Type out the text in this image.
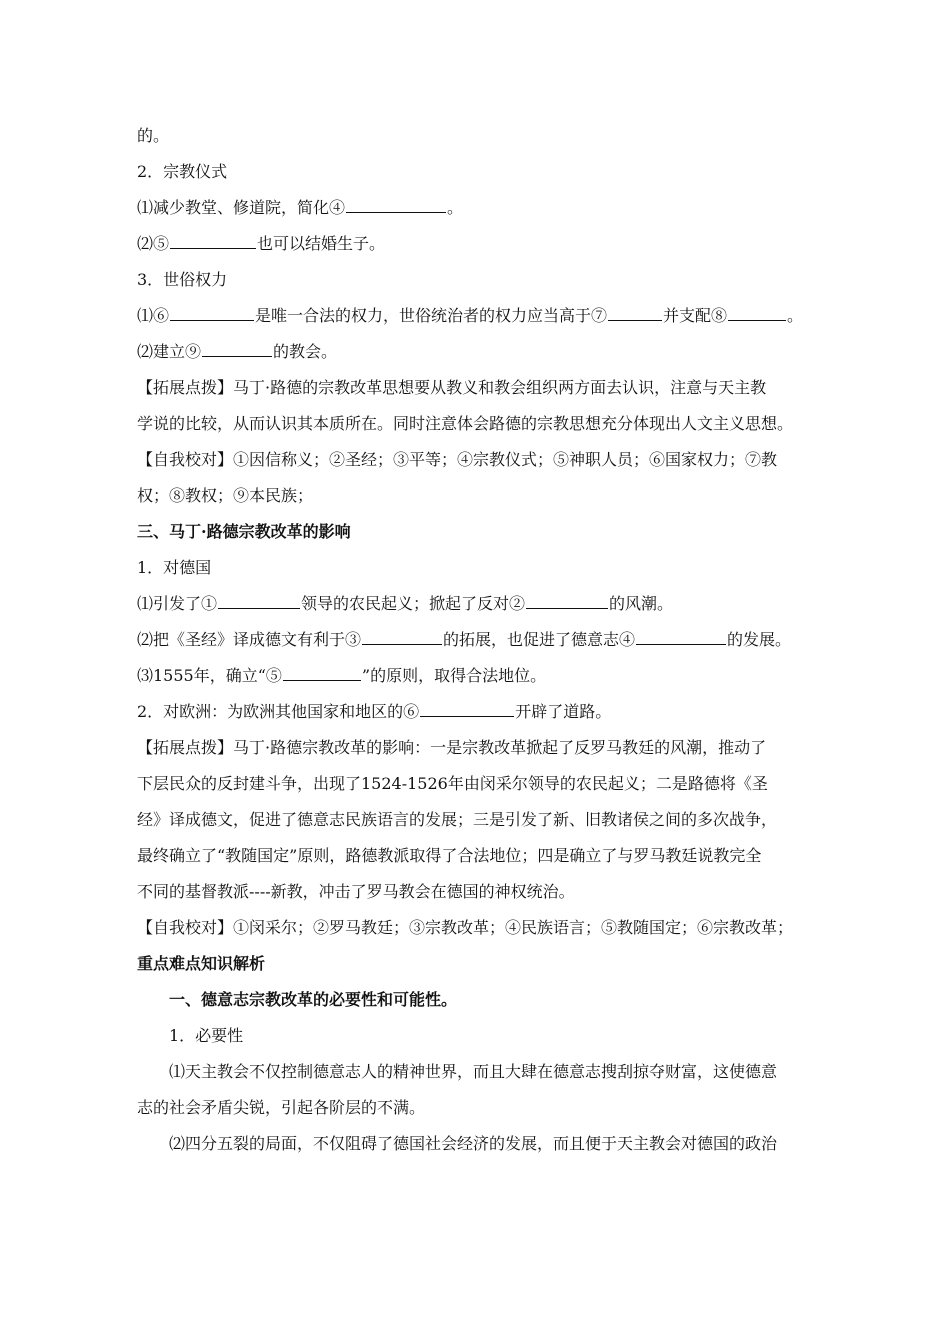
的。
2．宗教仪式
⑴减少教堂、修道院，简化④	。
⑵⑤	也可以结婚生子。
3．世俗权力
⑴⑥	是唯一合法的权力，世俗统治者的权力应当高于⑦	并支配⑧	。
⑵建立⑨	的教会。
【拓展点拨】马丁·路德的宗教改革思想要从教义和教会组织两方面去认识，注意与天主教
学说的比较，从而认识其本质所在。同时注意体会路德的宗教思想充分体现出人文主义思想。
【自我校对】①因信称义；②圣经；③平等；④宗教仪式；⑤神职人员；⑥国家权力；⑦教
权；⑧教权；⑨本民族；
三、马丁·路德宗教改革的影响
1．对德国
⑴引发了①	领导的农民起义；掀起了反对②	的风潮。
⑵把《圣经》译成德文有利于③	的拓展，也促进了德意志④	的发展。
⑶1555年，确立“⑤	”的原则，取得合法地位。
2．对欧洲：为欧洲其他国家和地区的⑥	开辟了道路。
【拓展点拨】马丁·路德宗教改革的影响：一是宗教改革掀起了反罗马教廷的风潮，推动了
下层民众的反封建斗争，出现了1524-1526年由闵采尔领导的农民起义；二是路德将《圣
经》译成德文，促进了德意志民族语言的发展；三是引发了新、旧教诸侯之间的多次战争，
最终确立了“教随国定”原则，路德教派取得了合法地位；四是确立了与罗马教廷说教完全
不同的基督教派----新教，冲击了罗马教会在德国的神权统治。
【自我校对】①闵采尔；②罗马教廷；③宗教改革；④民族语言；⑤教随国定；⑥宗教改革；
重点难点知识解析
一、德意志宗教改革的必要性和可能性。
1．必要性
⑴天主教会不仅控制德意志人的精神世界，而且大肆在德意志搜刮掠夺财富，这使德意
志的社会矛盾尖锐，引起各阶层的不满。
⑵四分五裂的局面，不仅阻碍了德国社会经济的发展，而且便于天主教会对德国的政治
